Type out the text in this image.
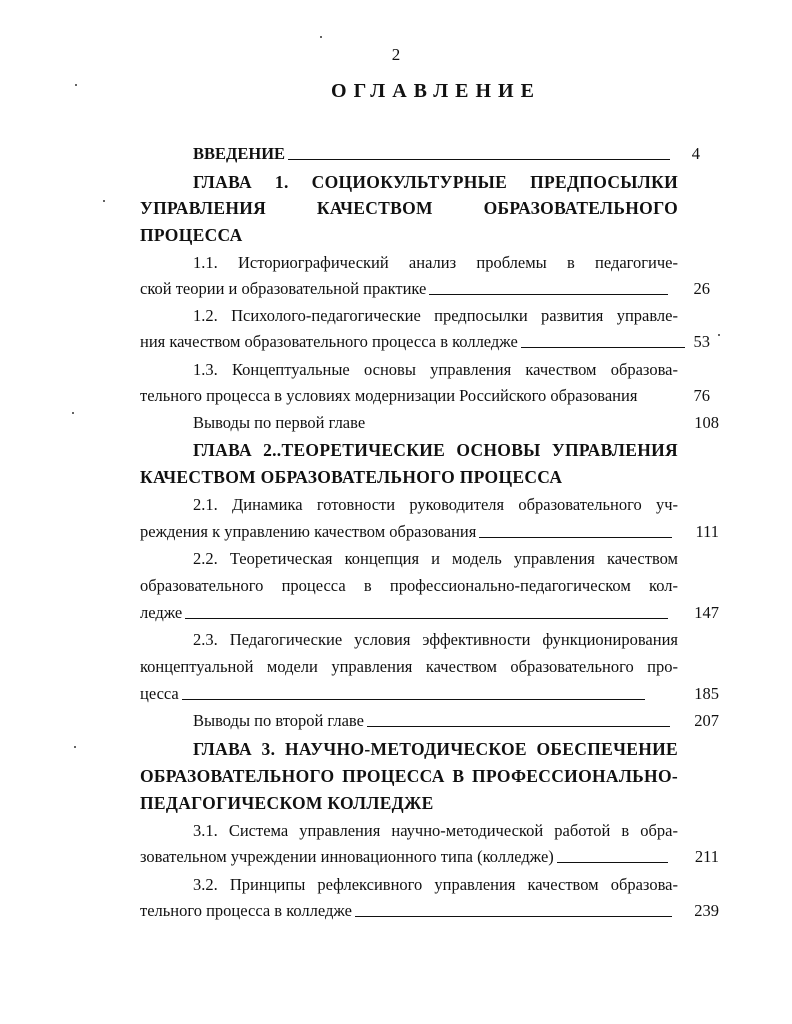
2
ОГЛАВЛЕНИЕ
ВВЕДЕНИЕ	4
ГЛАВА 1. СОЦИОКУЛЬТУРНЫЕ ПРЕДПОСЫЛКИ
УПРАВЛЕНИЯ КАЧЕСТВОМ ОБРАЗОВАТЕЛЬНОГО
ПРОЦЕССА
1.1. Историографический анализ проблемы в педагогиче-
ской теории и образовательной практике	26
1.2. Психолого-педагогические предпосылки развития управле-
ния качеством образовательного процесса в колледже	53
1.3. Концептуальные основы управления качеством образова-
тельного процесса в условиях модернизации Российского образования	76
Выводы по первой главе	108
ГЛАВА 2..ТЕОРЕТИЧЕСКИЕ ОСНОВЫ УПРАВЛЕНИЯ
КАЧЕСТВОМ ОБРАЗОВАТЕЛЬНОГО ПРОЦЕССА
2.1. Динамика готовности руководителя образовательного уч-
реждения к управлению качеством образования	111
2.2. Теоретическая концепция и модель управления качеством
образовательного процесса в профессионально-педагогическом кол-
ледже	147
2.3. Педагогические условия эффективности функционирования
концептуальной модели управления качеством образовательного про-
цесса	185
Выводы по второй главе	207
ГЛАВА 3. НАУЧНО-МЕТОДИЧЕСКОЕ ОБЕСПЕЧЕНИЕ
ОБРАЗОВАТЕЛЬНОГО ПРОЦЕССА В ПРОФЕССИОНАЛЬНО-
ПЕДАГОГИЧЕСКОМ КОЛЛЕДЖЕ
3.1. Система управления научно-методической работой в обра-
зовательном учреждении инновационного типа (колледже)	211
3.2. Принципы рефлексивного управления качеством образова-
тельного процесса в колледже	239
